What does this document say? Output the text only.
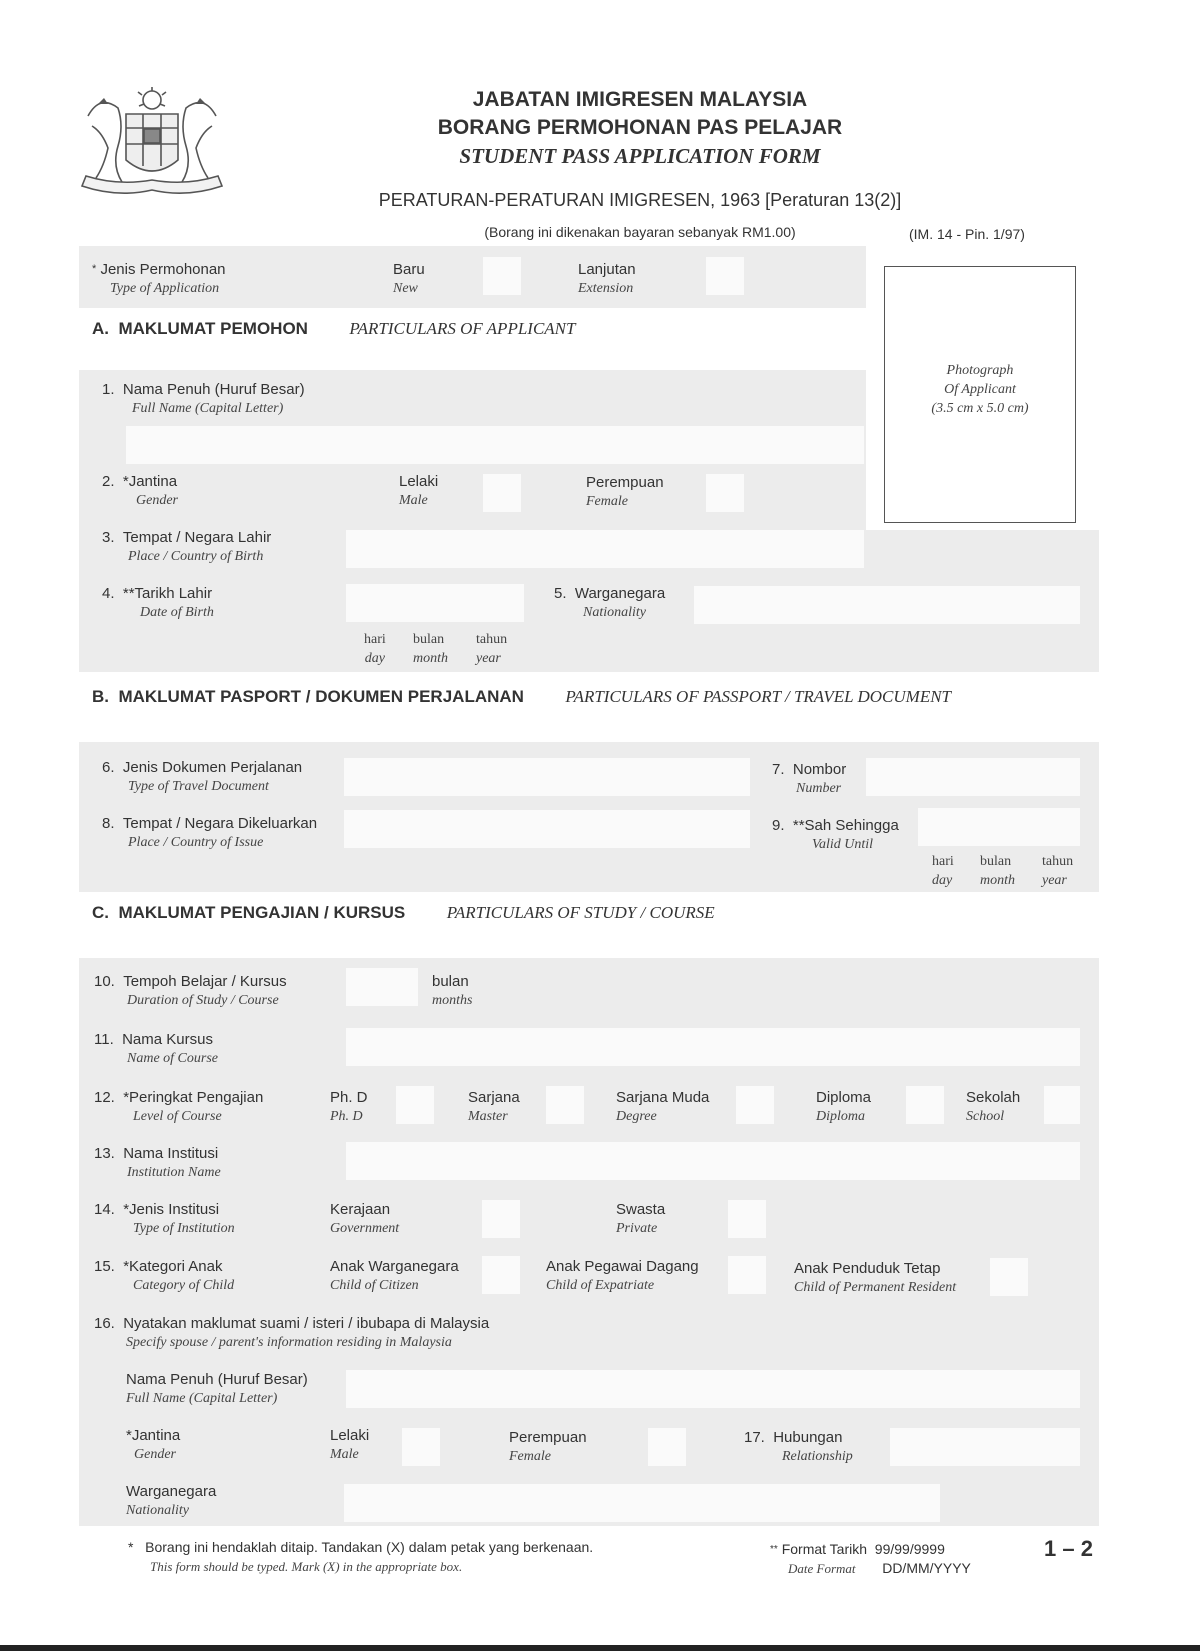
JABATAN IMIGRESEN MALAYSIA
BORANG PERMOHONAN PAS PELAJAR
STUDENT PASS APPLICATION FORM
PERATURAN-PERATURAN IMIGRESEN, 1963 [Peraturan 13(2)]
(Borang ini dikenakan bayaran sebanyak RM1.00)	(IM. 14 - Pin. 1/97)
Photograph
Of Applicant
(3.5 cm x 5.0 cm)
* Jenis Permohonan
Type of Application
Baru
New
Lanjutan
Extension
A. MAKLUMAT PEMOHON PARTICULARS OF APPLICANT
1. Nama Penuh (Huruf Besar)
Full Name (Capital Letter)
2. *Jantina
Gender
Lelaki
Male
Perempuan
Female
3. Tempat / Negara Lahir
Place / Country of Birth
4. **Tarikh Lahir
Date of Birth
hari
day
bulan
month
tahun
year
5. Warganegara
Nationality
B. MAKLUMAT PASPORT / DOKUMEN PERJALANAN PARTICULARS OF PASSPORT / TRAVEL DOCUMENT
6. Jenis Dokumen Perjalanan
Type of Travel Document
7. Nombor
Number
8. Tempat / Negara Dikeluarkan
Place / Country of Issue
9. **Sah Sehingga
Valid Until
hari
day
bulan
month
tahun
year
C. MAKLUMAT PENGAJIAN / KURSUS PARTICULARS OF STUDY / COURSE
10. Tempoh Belajar / Kursus
Duration of Study / Course
bulan
months
11. Nama Kursus
Name of Course
12. *Peringkat Pengajian
Level of Course
Ph. D
Ph. D
Sarjana
Master
Sarjana Muda
Degree
Diploma
Diploma
Sekolah
School
13. Nama Institusi
Institution Name
14. *Jenis Institusi
Type of Institution
Kerajaan
Government
Swasta
Private
15. *Kategori Anak
Category of Child
Anak Warganegara
Child of Citizen
Anak Pegawai Dagang
Child of Expatriate
Anak Penduduk Tetap
Child of Permanent Resident
16. Nyatakan maklumat suami / isteri / ibubapa di Malaysia
Specify spouse / parent's information residing in Malaysia
Nama Penuh (Huruf Besar)
Full Name (Capital Letter)
*Jantina
Gender
Lelaki
Male
Perempuan
Female
17. Hubungan
Relationship
Warganegara
Nationality
* Borang ini hendaklah ditaip. Tandakan (X) dalam petak yang berkenaan.
This form should be typed. Mark (X) in the appropriate box.
** Format Tarikh 99/99/9999
Date Format DD/MM/YYYY
1 – 2
